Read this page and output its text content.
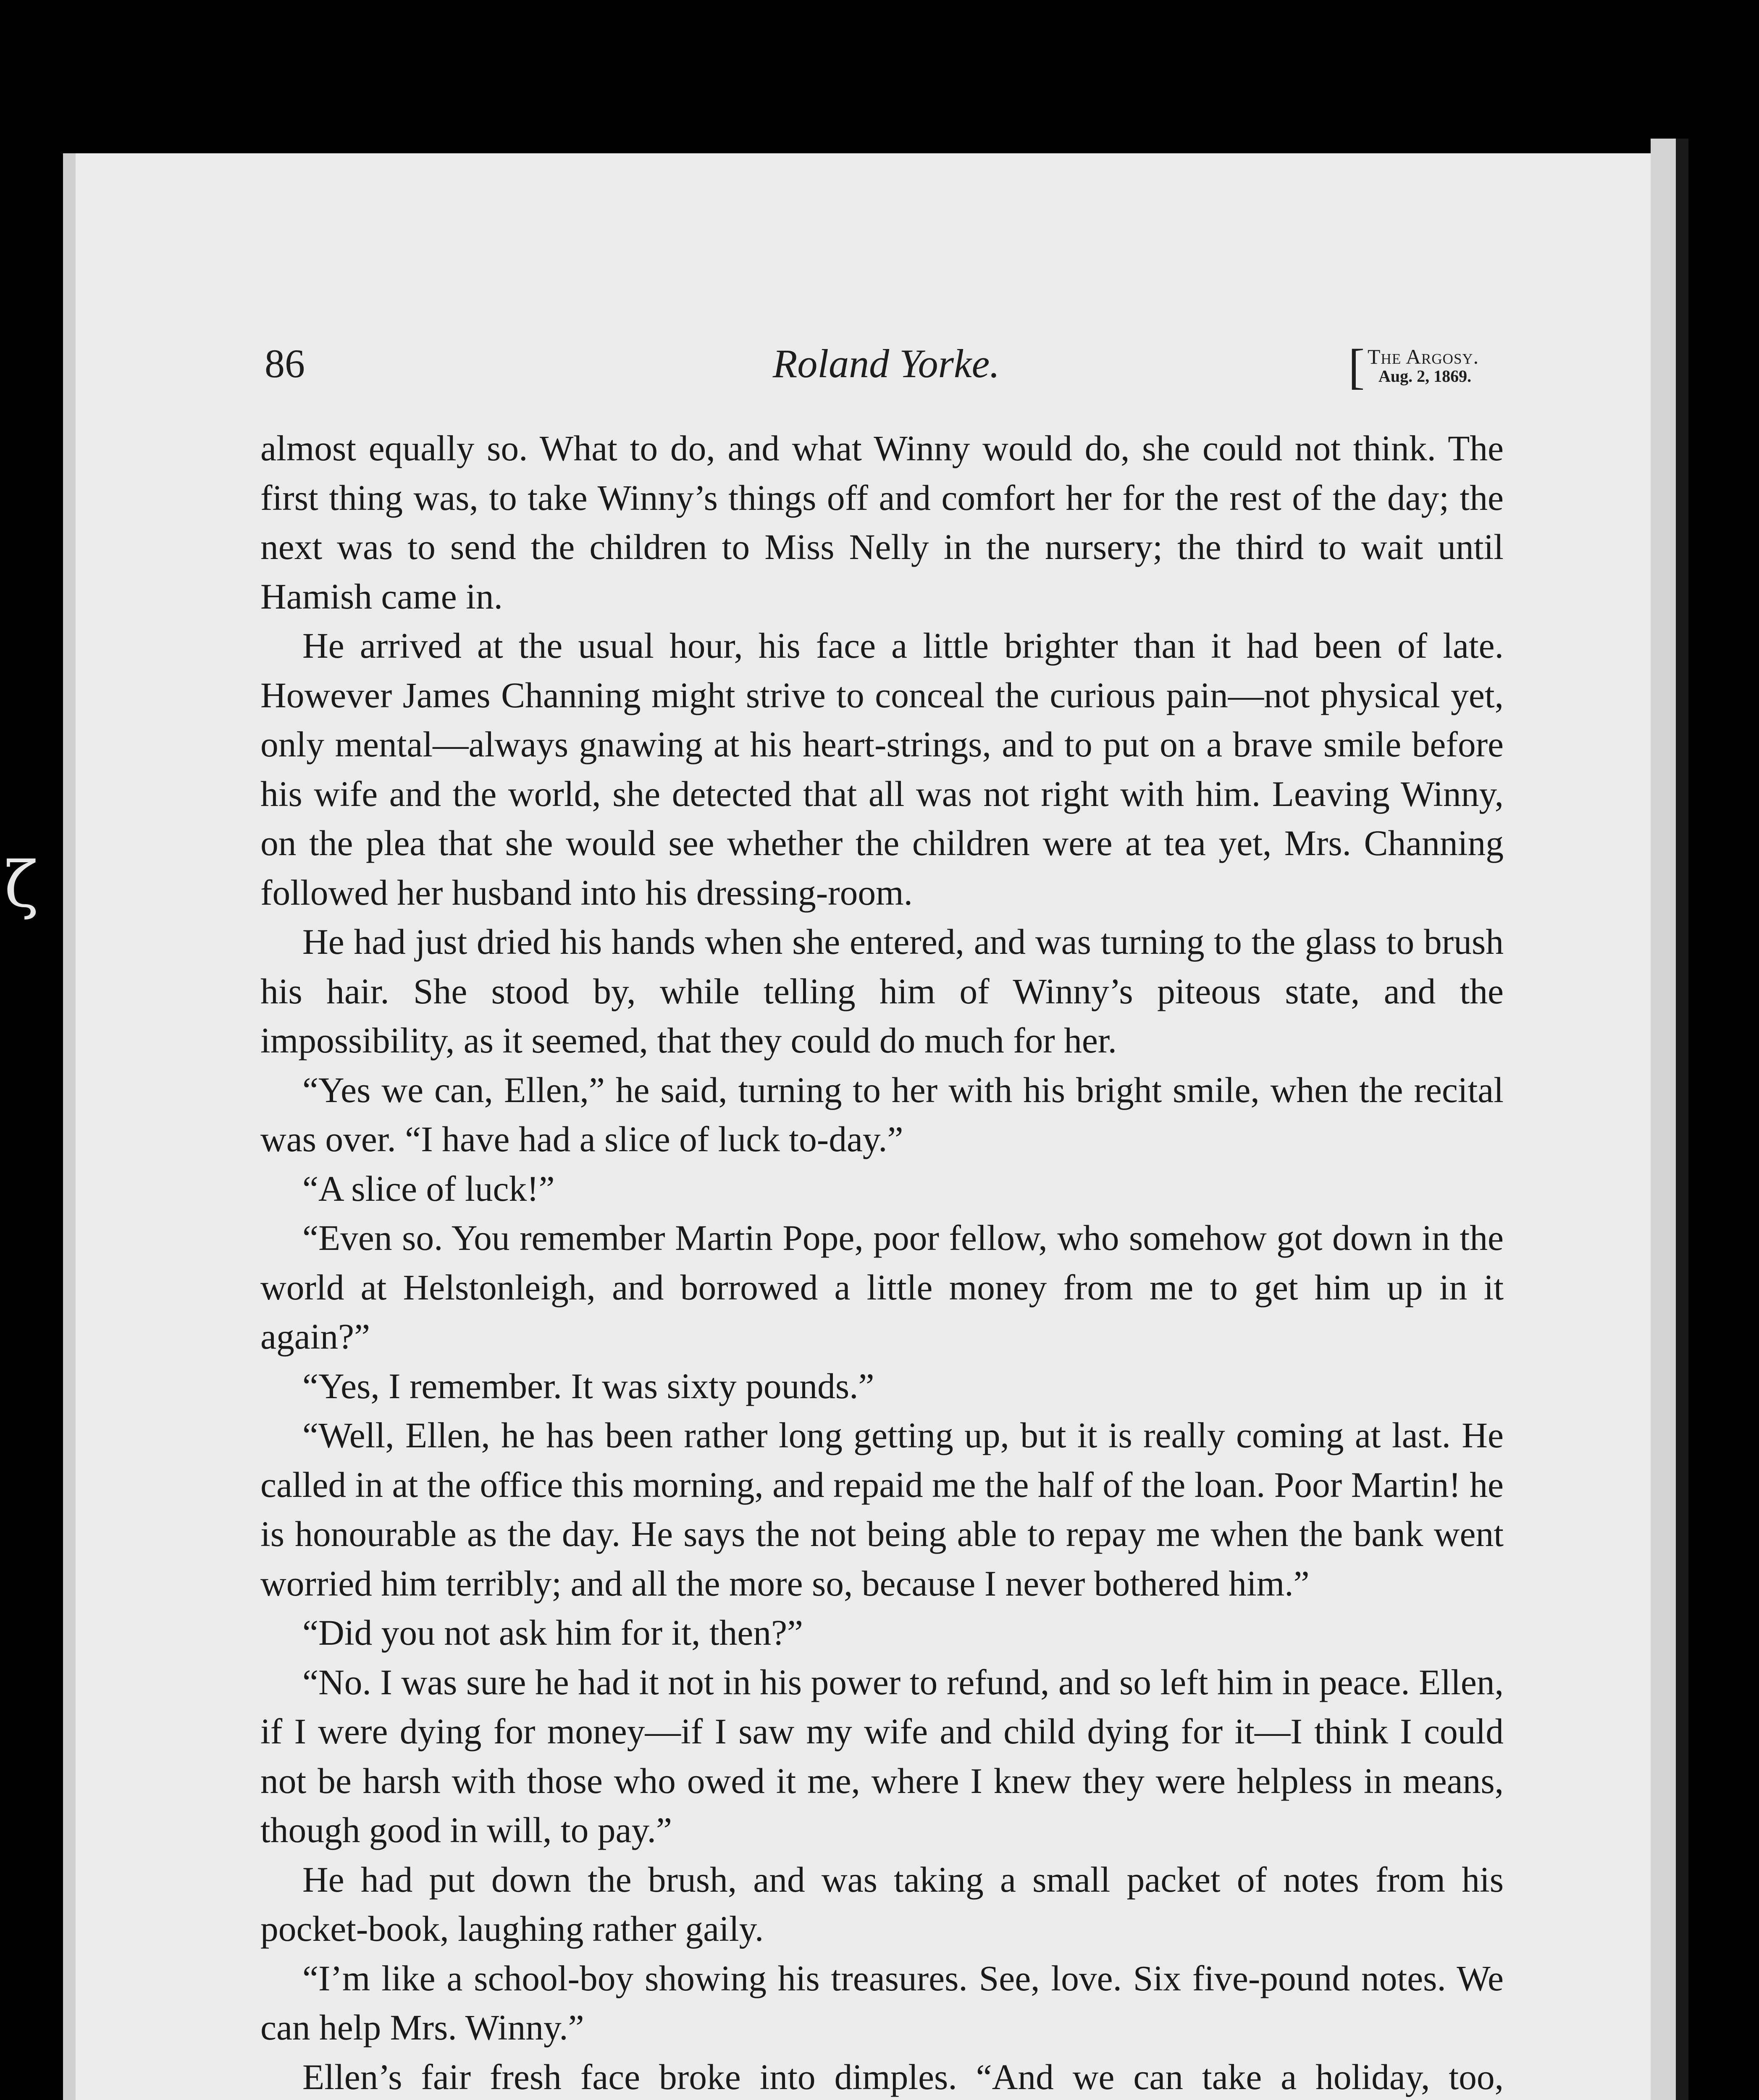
ζ
86	Roland Yorke.	[ The Argosy.
Aug. 2, 1869.

almost equally so. What to do, and what Winny would do, she could not think. The first thing was, to take Winny’s things off and comfort her for the rest of the day; the next was to send the children to Miss Nelly in the nursery; the third to wait until Hamish came in.

He arrived at the usual hour, his face a little brighter than it had been of late. However James Channing might strive to conceal the curious pain—not physical yet, only mental—always gnawing at his heart-strings, and to put on a brave smile before his wife and the world, she detected that all was not right with him. Leaving Winny, on the plea that she would see whether the children were at tea yet, Mrs. Channing followed her husband into his dressing-room.

He had just dried his hands when she entered, and was turning to the glass to brush his hair. She stood by, while telling him of Winny’s piteous state, and the impossibility, as it seemed, that they could do much for her.

“Yes we can, Ellen,” he said, turning to her with his bright smile, when the recital was over. “I have had a slice of luck to-day.”

“A slice of luck!”

“Even so. You remember Martin Pope, poor fellow, who somehow got down in the world at Helstonleigh, and borrowed a little money from me to get him up in it again?”

“Yes, I remember. It was sixty pounds.”

“Well, Ellen, he has been rather long getting up, but it is really coming at last. He called in at the office this morning, and repaid me the half of the loan. Poor Martin! he is honourable as the day. He says the not being able to repay me when the bank went worried him terribly; and all the more so, because I never bothered him.”

“Did you not ask him for it, then?”

“No. I was sure he had it not in his power to refund, and so left him in peace. Ellen, if I were dying for money—if I saw my wife and child dying for it—I think I could not be harsh with those who owed it me, where I knew they were helpless in means, though good in will, to pay.”

He had put down the brush, and was taking a small packet of notes from his pocket-book, laughing rather gaily.

“I’m like a school-boy showing his treasures. See, love. Six five-pound notes. We can help Mrs. Winny.”

Ellen’s fair fresh face broke into dimples. “And we can take a holiday, too,
